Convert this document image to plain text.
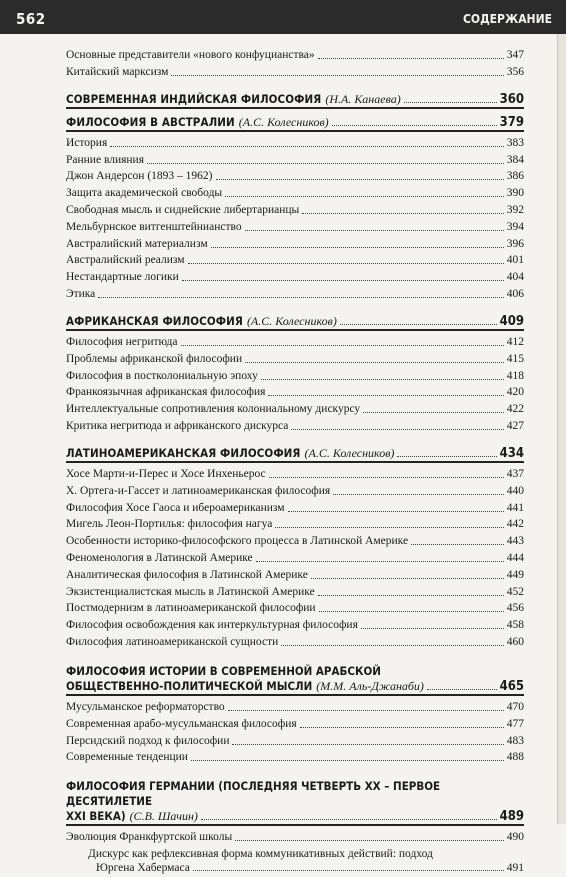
562	СОДЕРЖАНИЕ
Основные представители «нового конфуцианства»	347
Китайский марксизм	356
СОВРЕМЕННАЯ ИНДИЙСКАЯ ФИЛОСОФИЯ (Н.А. Канаева)	360
ФИЛОСОФИЯ В АВСТРАЛИИ (А.С. Колесников)	379
История	383
Ранние влияния	384
Джон Андерсон (1893 – 1962)	386
Защита академической свободы	390
Свободная мысль и сиднейские либертарианцы	392
Мельбурнское витгенштейнианство	394
Австралийский материализм	396
Австралийский реализм	401
Нестандартные логики	404
Этика	406
АФРИКАНСКАЯ ФИЛОСОФИЯ (А.С. Колесников)	409
Философия негритюда	412
Проблемы африканской философии	415
Философия в постколониальную эпоху	418
Франкоязычная африканская философия	420
Интеллектуальные сопротивления колониальному дискурсу	422
Критика негритюда и африканского дискурса	427
ЛАТИНОАМЕРИКАНСКАЯ ФИЛОСОФИЯ (А.С. Колесников)	434
Хосе Марти-и-Перес и Хосе Инхеньерос	437
Х. Ортега-и-Гассет и латиноамериканская философия	440
Философия Хосе Гаоса и ибероамериканизм	441
Мигель Леон-Портилья: философия нагуа	442
Особенности историко-философского процесса в Латинской Америке	443
Феноменология в Латинской Америке	444
Аналитическая философия в Латинской Америке	449
Экзистенциалистская мысль в Латинской Америке	452
Постмодернизм в латиноамериканской философии	456
Философия освобождения как интеркультурная философия	458
Философия латиноамериканской сущности	460
ФИЛОСОФИЯ ИСТОРИИ В СОВРЕМЕННОЙ АРАБСКОЙ
ОБЩЕСТВЕННО-ПОЛИТИЧЕСКОЙ МЫСЛИ (М.М. Аль-Джанаби)	465
Мусульманское реформаторство	470
Современная арабо-мусульманская философия	477
Персидский подход к философии	483
Современные тенденции	488
ФИЛОСОФИЯ ГЕРМАНИИ (ПОСЛЕДНЯЯ ЧЕТВЕРТЬ XX – ПЕРВОЕ ДЕСЯТИЛЕТИЕ
XXI ВЕКА) (С.В. Шачин)	489
Эволюция Франкфуртской школы	490
Дискурс как рефлексивная форма коммуникативных действий: подход
Юргена Хабермаса	491
